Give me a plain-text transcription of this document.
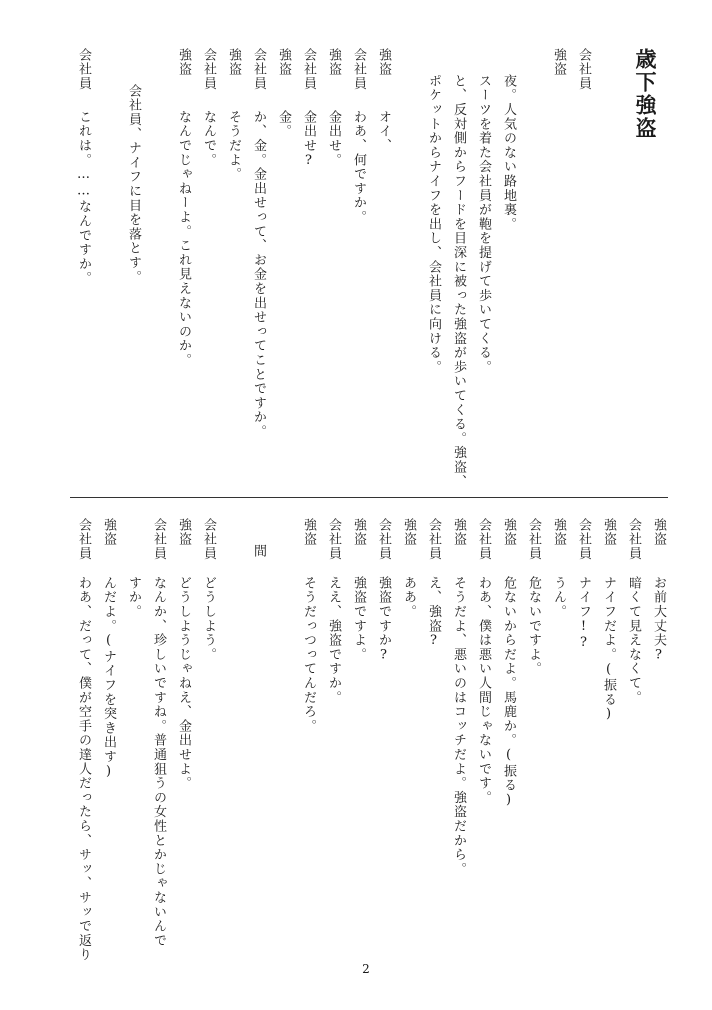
歳下強盗
会社員
強盗
夜。人気のない路地裏。
スーツを着た会社員が鞄を提げて歩いてくる。
と、反対側からフードを目深に被った強盗が歩いてくる。強盗、
ポケットからナイフを出し、会社員に向ける。
強盗
会社員
強盗
会社員
強盗
会社員
強盗
会社員
強盗
会社員
オイ、
わあ、何ですか。
金出せ。
金出せ?
金。
か、金。金出せって、お金を出せってことですか。
そうだよ。
なんで。
なんでじゃねーよ。これ見えないのか。
会社員、ナイフに目を落とす。
これは。……なんですか。
強盗
会社員
強盗
会社員
強盗
会社員
強盗
会社員
強盗
会社員
強盗
会社員
強盗
会社員
強盗
会社員
強盗
会社員
強盗
会社員
お前大丈夫?
暗くて見えなくて。
ナイフだよ。(振る)
ナイフ!?
うん。
危ないですよ。
危ないからだよ。馬鹿か。(振る)
わあ、僕は悪い人間じゃないです。
そうだよ、悪いのはコッチだよ。強盗だから。
え、強盗?
ああ。
強盗ですか?
強盗ですよ。
ええ、強盗ですか。
そうだっつってんだろ。
間
どうしよう。
どうしようじゃねえ、金出せよ。
なんか、珍しいですね。普通狙うの女性とかじゃないんで
すか。
んだよ。(ナイフを突き出す)
わあ、だって、僕が空手の達人だったら、サッ、サッで返り
2
